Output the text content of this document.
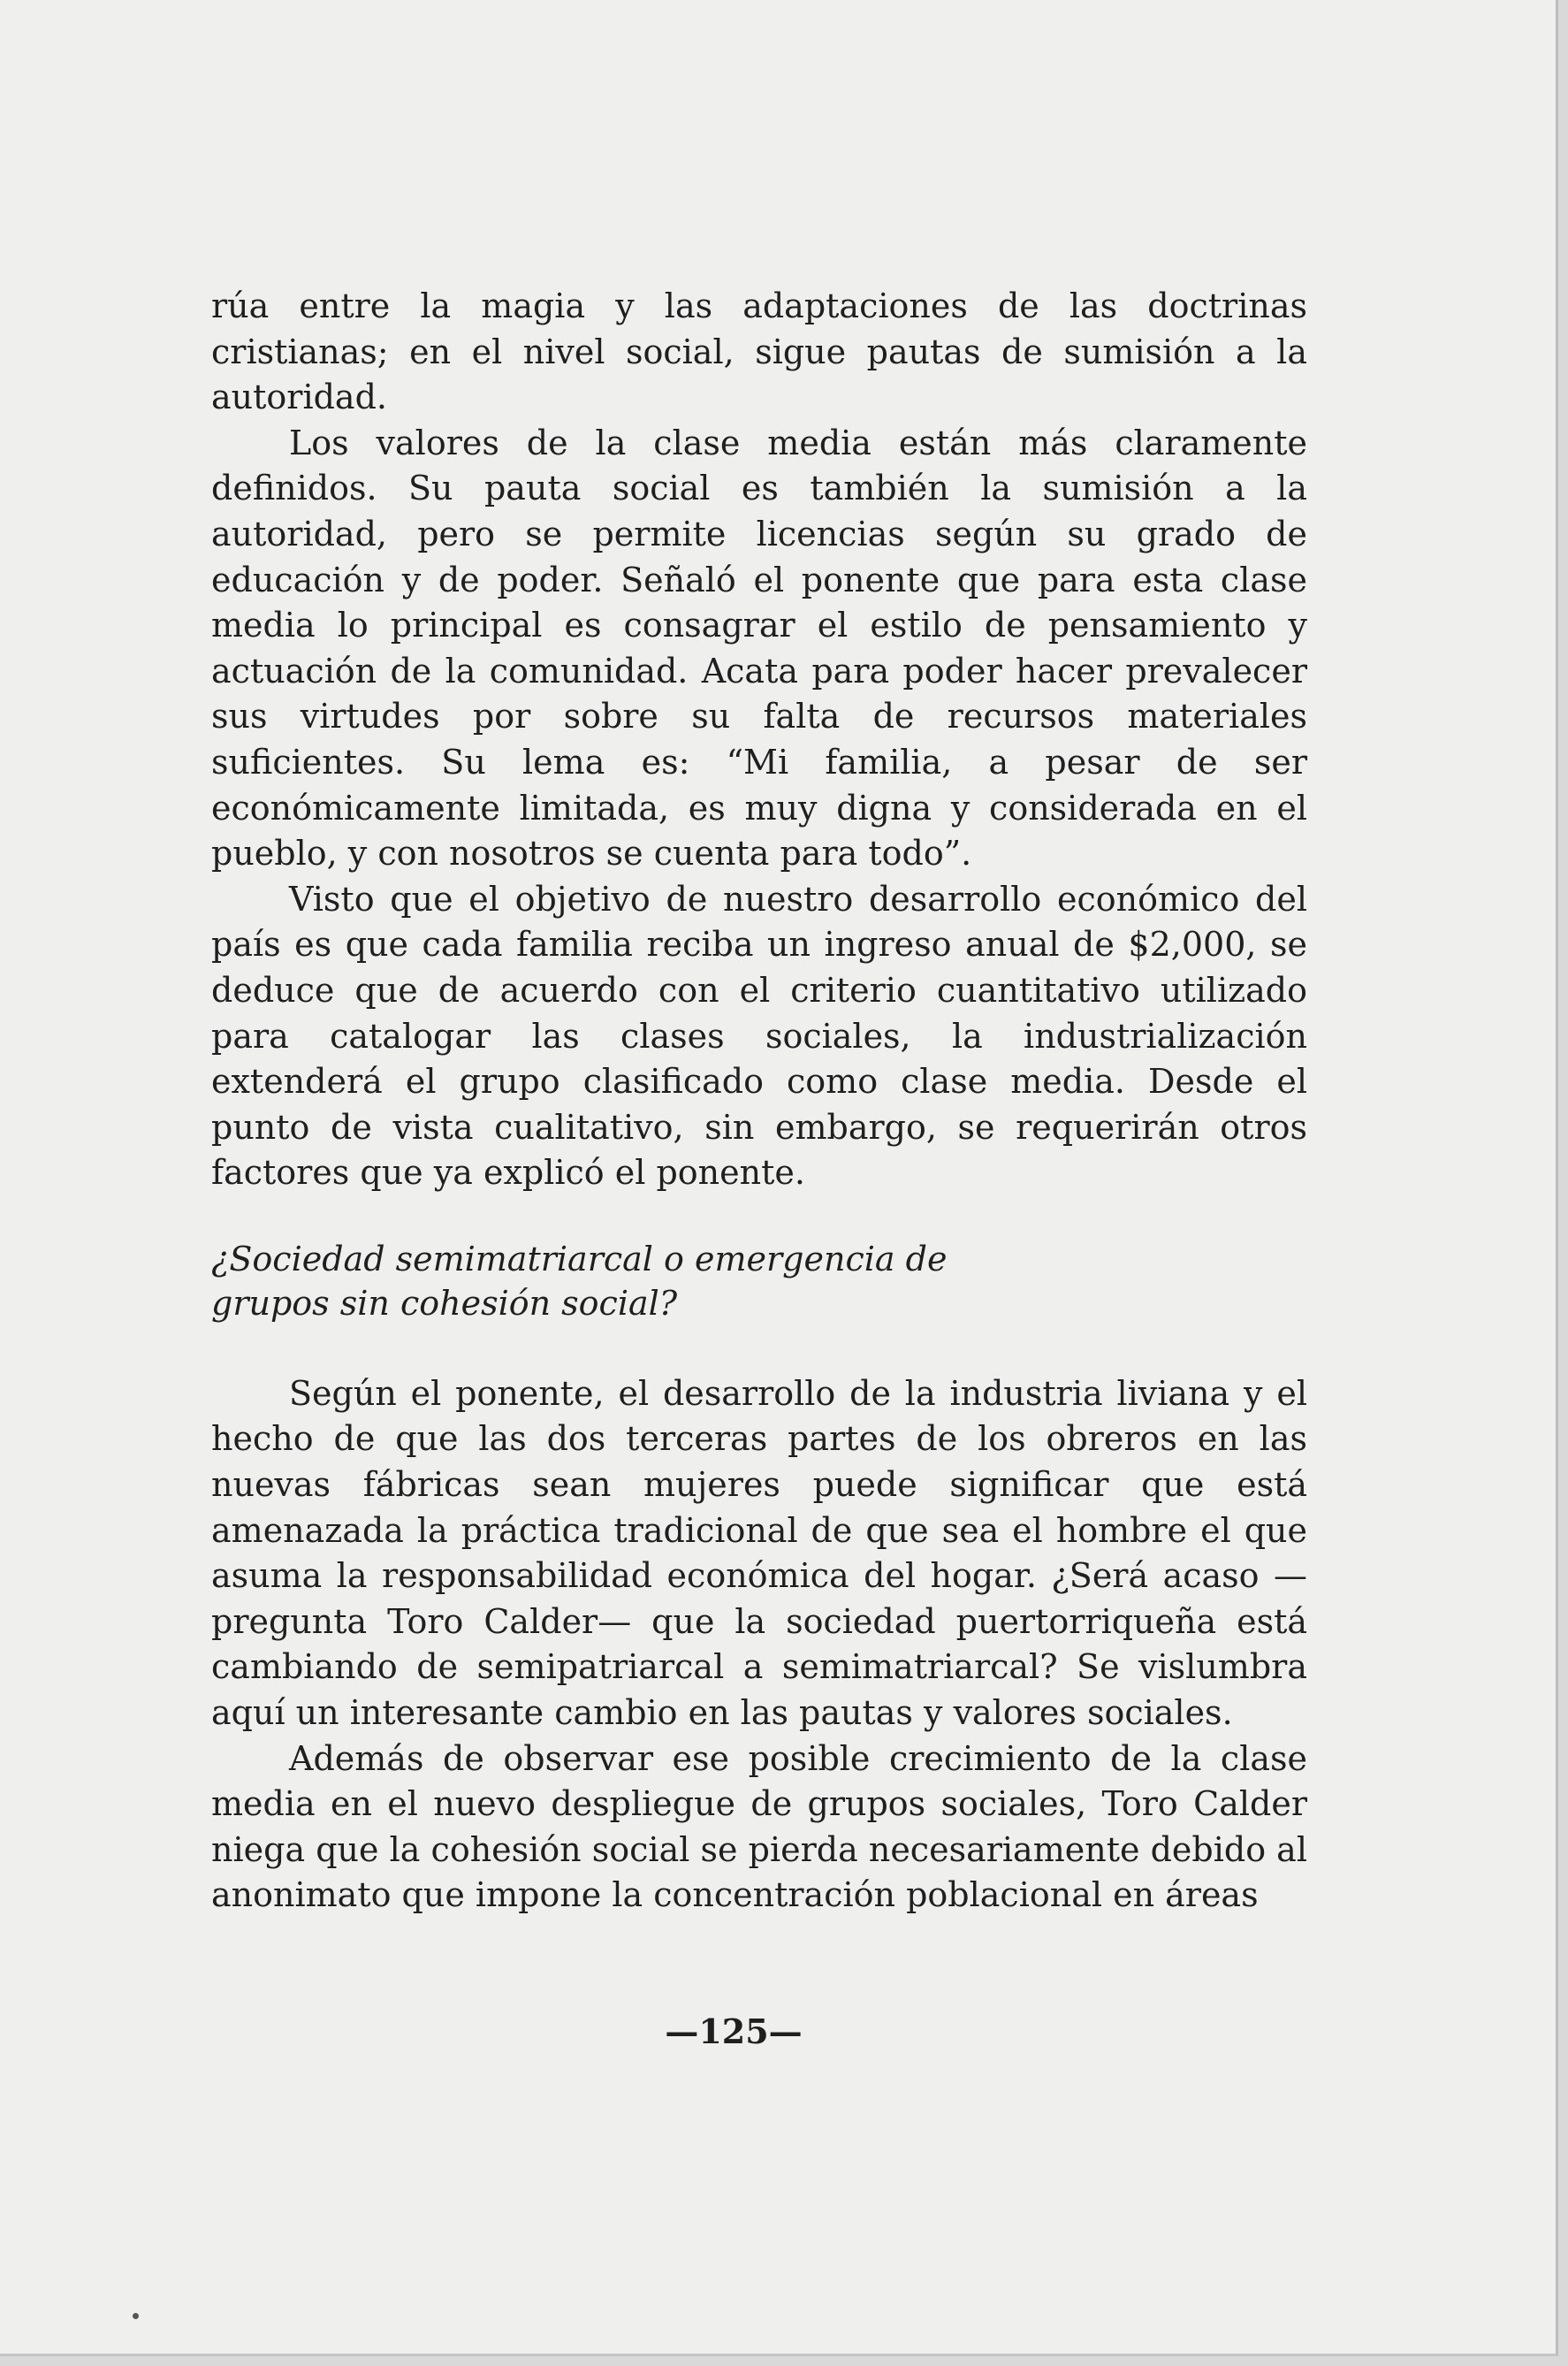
rúa entre la magia y las adaptaciones de las doctrinas cristianas; en el nivel social, sigue pautas de sumisión a la autoridad.

Los valores de la clase media están más claramente definidos. Su pauta social es también la sumisión a la autoridad, pero se permite licencias según su grado de educación y de poder. Señaló el ponente que para esta clase media lo principal es consagrar el estilo de pensamiento y actuación de la comunidad. Acata para poder hacer prevalecer sus virtudes por sobre su falta de recursos materiales suficientes. Su lema es: “Mi familia, a pesar de ser económicamente limitada, es muy digna y considerada en el pueblo, y con nosotros se cuenta para todo”.

Visto que el objetivo de nuestro desarrollo económico del país es que cada familia reciba un ingreso anual de $2,000, se deduce que de acuerdo con el criterio cuantitativo utilizado para catalogar las clases sociales, la industrialización extenderá el grupo clasificado como clase media. Desde el punto de vista cualitativo, sin embargo, se requerirán otros factores que ya explicó el ponente.

¿Sociedad semimatriarcal o emergencia de grupos sin cohesión social?

Según el ponente, el desarrollo de la industria liviana y el hecho de que las dos terceras partes de los obreros en las nuevas fábricas sean mujeres puede significar que está amenazada la práctica tradicional de que sea el hombre el que asuma la responsabilidad económica del hogar. ¿Será acaso — pregunta Toro Calder— que la sociedad puertorriqueña está cambiando de semipatriarcal a semimatriarcal? Se vislumbra aquí un interesante cambio en las pautas y valores sociales.

Además de observar ese posible crecimiento de la clase media en el nuevo despliegue de grupos sociales, Toro Calder niega que la cohesión social se pierda necesariamente debido al anonimato que impone la concentración poblacional en áreas

—125—
